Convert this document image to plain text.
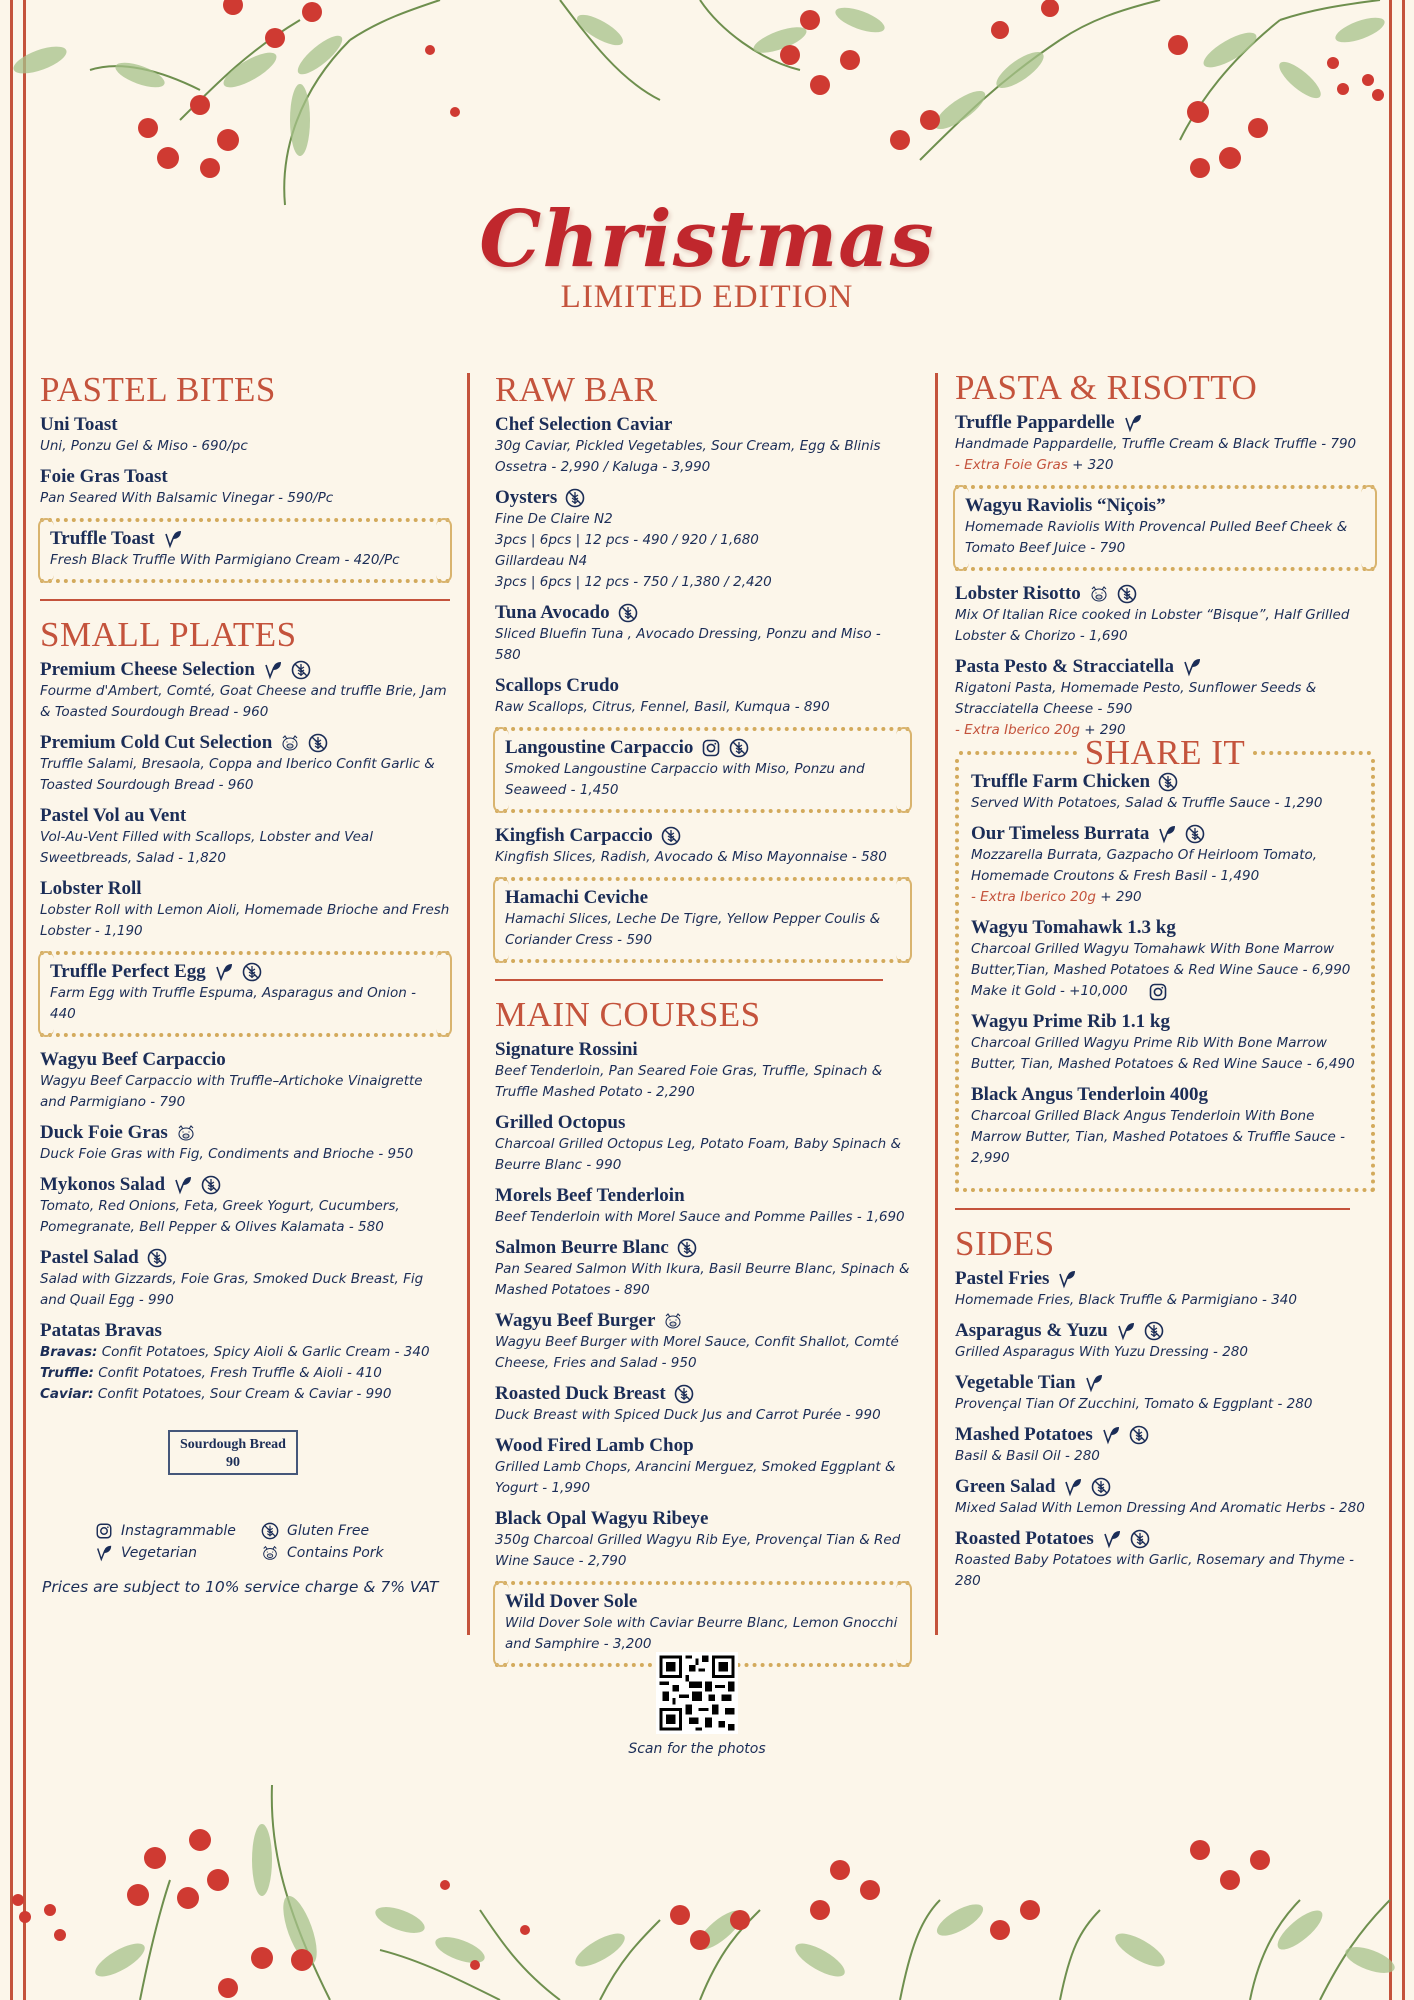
Christmas
LIMITED EDITION
PASTEL BITES
Uni Toast
Uni, Ponzu Gel & Miso - 690/pc
Foie Gras Toast
Pan Seared With Balsamic Vinegar - 590/Pc
Truffle Toast
Fresh Black Truffle With Parmigiano Cream - 420/Pc
SMALL PLATES
Premium Cheese Selection
Fourme d'Ambert, Comté, Goat Cheese and truffle Brie, Jam & Toasted Sourdough Bread - 960
Premium Cold Cut Selection
Truffle Salami, Bresaola, Coppa and Iberico Confit Garlic & Toasted Sourdough Bread - 960
Pastel Vol au Vent
Vol-Au-Vent Filled with Scallops, Lobster and Veal Sweetbreads, Salad - 1,820
Lobster Roll
Lobster Roll with Lemon Aioli, Homemade Brioche and Fresh Lobster - 1,190
Truffle Perfect Egg
Farm Egg with Truffle Espuma, Asparagus and Onion - 440
Wagyu Beef Carpaccio
Wagyu Beef Carpaccio with Truffle–Artichoke Vinaigrette and Parmigiano - 790
Duck Foie Gras
Duck Foie Gras with Fig, Condiments and Brioche - 950
Mykonos Salad
Tomato, Red Onions, Feta, Greek Yogurt, Cucumbers, Pomegranate, Bell Pepper & Olives Kalamata - 580
Pastel Salad
Salad with Gizzards, Foie Gras, Smoked Duck Breast, Fig and Quail Egg - 990
Patatas Bravas
Bravas: Confit Potatoes, Spicy Aioli & Garlic Cream - 340
Truffle: Confit Potatoes, Fresh Truffle & Aioli - 410
Caviar: Confit Potatoes, Sour Cream & Caviar - 990
Sourdough Bread
90
Instagrammable	Gluten Free
Vegetarian	Contains Pork
Prices are subject to 10% service charge & 7% VAT
RAW BAR
Chef Selection Caviar
30g Caviar, Pickled Vegetables, Sour Cream, Egg & Blinis
Ossetra - 2,990 / Kaluga - 3,990
Oysters
Fine De Claire N2
3pcs | 6pcs | 12 pcs - 490 / 920 / 1,680
Gillardeau N4
3pcs | 6pcs | 12 pcs - 750 / 1,380 / 2,420
Tuna Avocado
Sliced Bluefin Tuna , Avocado Dressing, Ponzu and Miso - 580
Scallops Crudo
Raw Scallops, Citrus, Fennel, Basil, Kumqua - 890
Langoustine Carpaccio
Smoked Langoustine Carpaccio with Miso, Ponzu and Seaweed - 1,450
Kingfish Carpaccio
Kingfish Slices, Radish, Avocado & Miso Mayonnaise - 580
Hamachi Ceviche
Hamachi Slices, Leche De Tigre, Yellow Pepper Coulis & Coriander Cress - 590
MAIN COURSES
Signature Rossini
Beef Tenderloin, Pan Seared Foie Gras, Truffle, Spinach & Truffle Mashed Potato - 2,290
Grilled Octopus
Charcoal Grilled Octopus Leg, Potato Foam, Baby Spinach & Beurre Blanc - 990
Morels Beef Tenderloin
Beef Tenderloin with Morel Sauce and Pomme Pailles - 1,690
Salmon Beurre Blanc
Pan Seared Salmon With Ikura, Basil Beurre Blanc, Spinach & Mashed Potatoes - 890
Wagyu Beef Burger
Wagyu Beef Burger with Morel Sauce, Confit Shallot, Comté Cheese, Fries and Salad - 950
Roasted Duck Breast
Duck Breast with Spiced Duck Jus and Carrot Purée - 990
Wood Fired Lamb Chop
Grilled Lamb Chops, Arancini Merguez, Smoked Eggplant & Yogurt - 1,990
Black Opal Wagyu Ribeye
350g Charcoal Grilled Wagyu Rib Eye, Provençal Tian & Red Wine Sauce - 2,790
Wild Dover Sole
Wild Dover Sole with Caviar Beurre Blanc, Lemon Gnocchi and Samphire - 3,200
Scan for the photos
PASTA & RISOTTO
Truffle Pappardelle
Handmade Pappardelle, Truffle Cream & Black Truffle - 790
- Extra Foie Gras + 320
Wagyu Raviolis “Niçois”
Homemade Raviolis With Provencal Pulled Beef Cheek & Tomato Beef Juice - 790
Lobster Risotto
Mix Of Italian Rice cooked in Lobster “Bisque”, Half Grilled Lobster & Chorizo - 1,690
Pasta Pesto & Stracciatella
Rigatoni Pasta, Homemade Pesto, Sunflower Seeds & Stracciatella Cheese - 590
- Extra Iberico 20g + 290
SHARE IT
Truffle Farm Chicken
Served With Potatoes, Salad & Truffle Sauce - 1,290
Our Timeless Burrata
Mozzarella Burrata, Gazpacho Of Heirloom Tomato, Homemade Croutons & Fresh Basil - 1,490
- Extra Iberico 20g + 290
Wagyu Tomahawk 1.3 kg
Charcoal Grilled Wagyu Tomahawk With Bone Marrow Butter,Tian, Mashed Potatoes & Red Wine Sauce - 6,990
Make it Gold - +10,000
Wagyu Prime Rib 1.1 kg
Charcoal Grilled Wagyu Prime Rib With Bone Marrow Butter, Tian, Mashed Potatoes & Red Wine Sauce - 6,490
Black Angus Tenderloin 400g
Charcoal Grilled Black Angus Tenderloin With Bone Marrow Butter, Tian, Mashed Potatoes & Truffle Sauce - 2,990
SIDES
Pastel Fries
Homemade Fries, Black Truffle & Parmigiano - 340
Asparagus & Yuzu
Grilled Asparagus With Yuzu Dressing - 280
Vegetable Tian
Provençal Tian Of Zucchini, Tomato & Eggplant - 280
Mashed Potatoes
Basil & Basil Oil - 280
Green Salad
Mixed Salad With Lemon Dressing And Aromatic Herbs - 280
Roasted Potatoes
Roasted Baby Potatoes with Garlic, Rosemary and Thyme - 280
